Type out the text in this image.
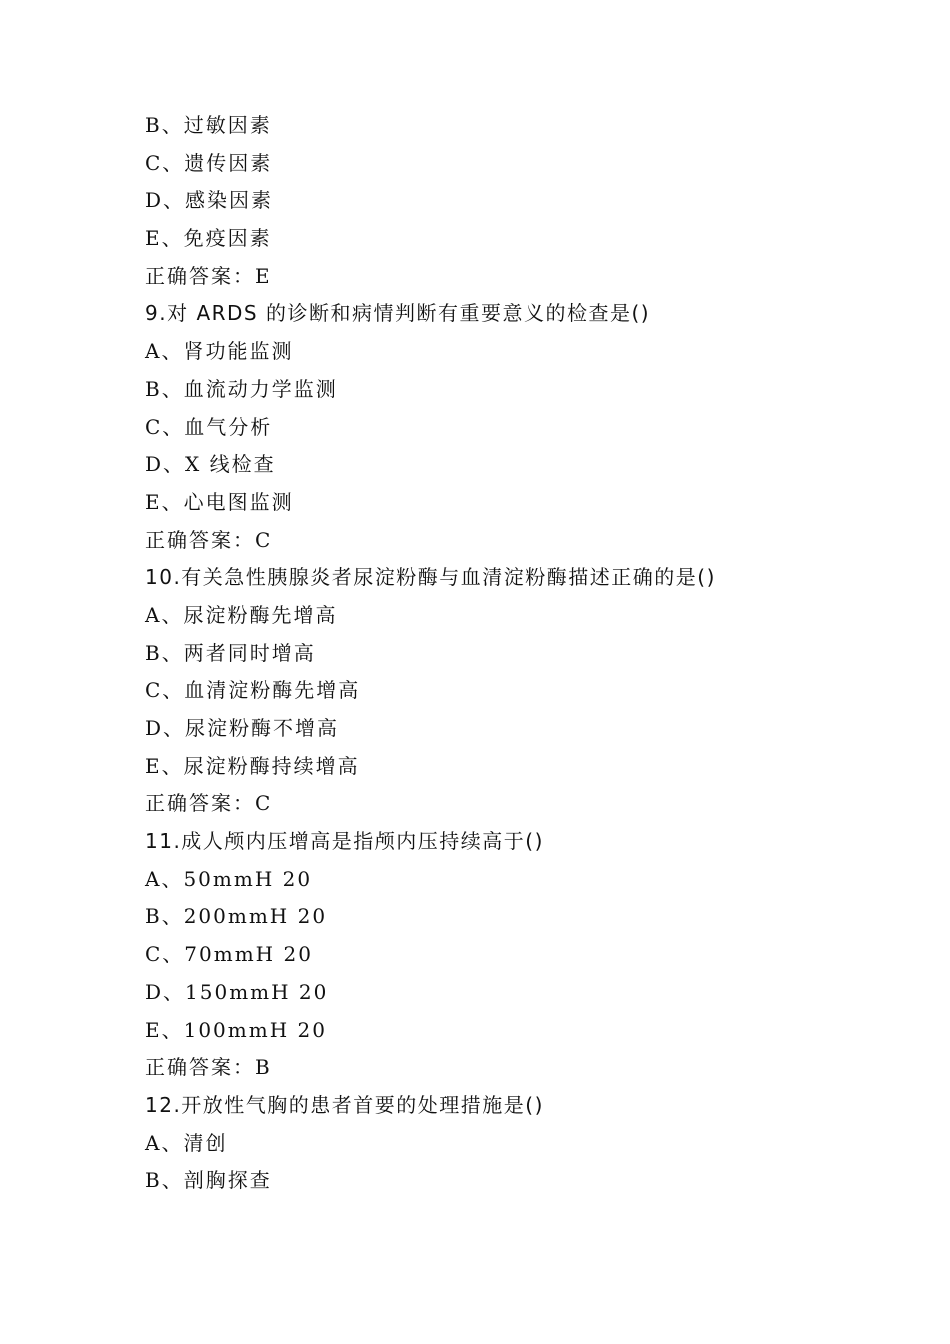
B、过敏因素
C、遗传因素
D、感染因素
E、免疫因素
正确答案：E
9.对 ARDS 的诊断和病情判断有重要意义的检查是()
A、肾功能监测
B、血流动力学监测
C、血气分析
D、X 线检查
E、心电图监测
正确答案：C
10.有关急性胰腺炎者尿淀粉酶与血清淀粉酶描述正确的是()
A、尿淀粉酶先增高
B、两者同时增高
C、血清淀粉酶先增高
D、尿淀粉酶不增高
E、尿淀粉酶持续增高
正确答案：C
11.成人颅内压增高是指颅内压持续高于()
A、50mmH 20
B、200mmH 20
C、70mmH 20
D、150mmH 20
E、100mmH 20
正确答案：B
12.开放性气胸的患者首要的处理措施是()
A、清创
B、剖胸探查
